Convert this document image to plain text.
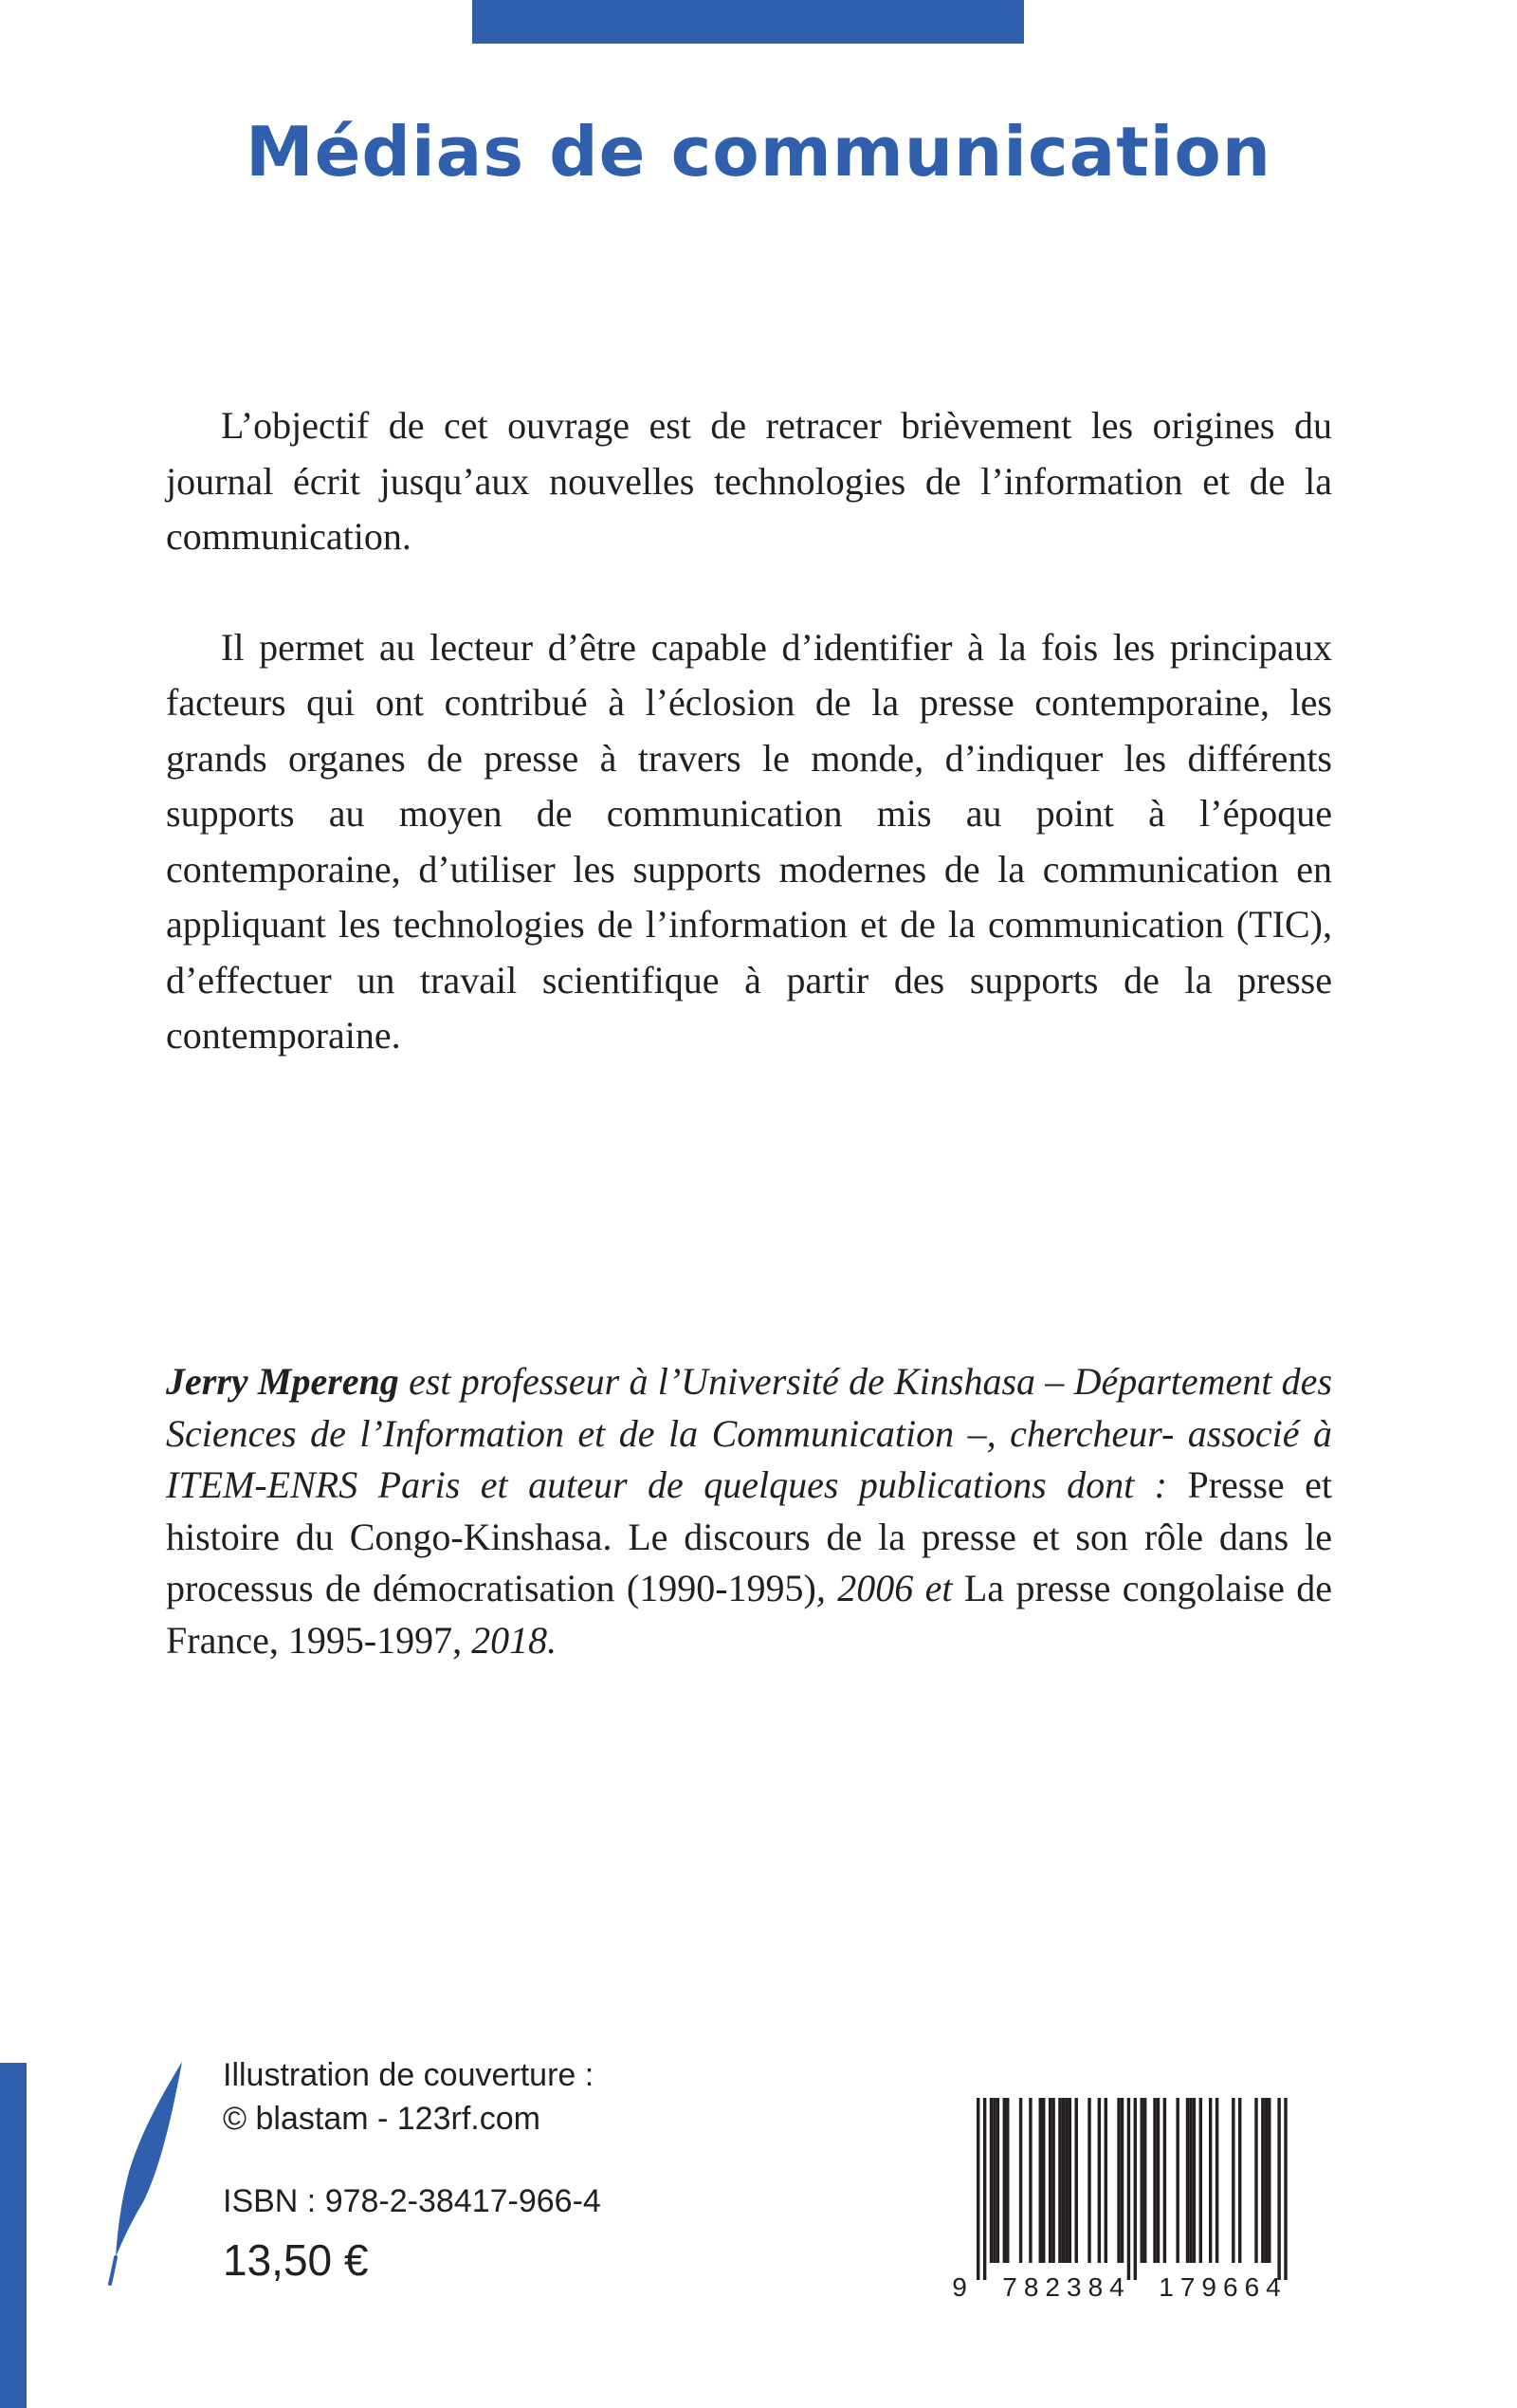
Médias de communication

L’objectif de cet ouvrage est de retracer brièvement les origines du journal écrit jusqu’aux nouvelles technologies de l’information et de la communication.

Il permet au lecteur d’être capable d’identifier à la fois les principaux facteurs qui ont contribué à l’éclosion de la presse contemporaine, les grands organes de presse à travers le monde, d’indiquer les différents supports au moyen de communication mis au point à l’époque contemporaine, d’utiliser les supports modernes de la communication en appliquant les technologies de l’information et de la communication (TIC), d’effectuer un travail scientifique à partir des supports de la presse contemporaine.

Jerry Mpereng est professeur à l’Université de Kinshasa – Département des Sciences de l’Information et de la Communication –, chercheur- associé à ITEM-ENRS Paris et auteur de quelques publications dont : Presse et histoire du Congo-Kinshasa. Le discours de la presse et son rôle dans le processus de démocratisation (1990-1995), 2006 et La presse congolaise de France, 1995-1997, 2018.

Illustration de couverture :
© blastam - 123rf.com
ISBN : 978-2-38417-966-4
13,50 €
9 782384 179664
